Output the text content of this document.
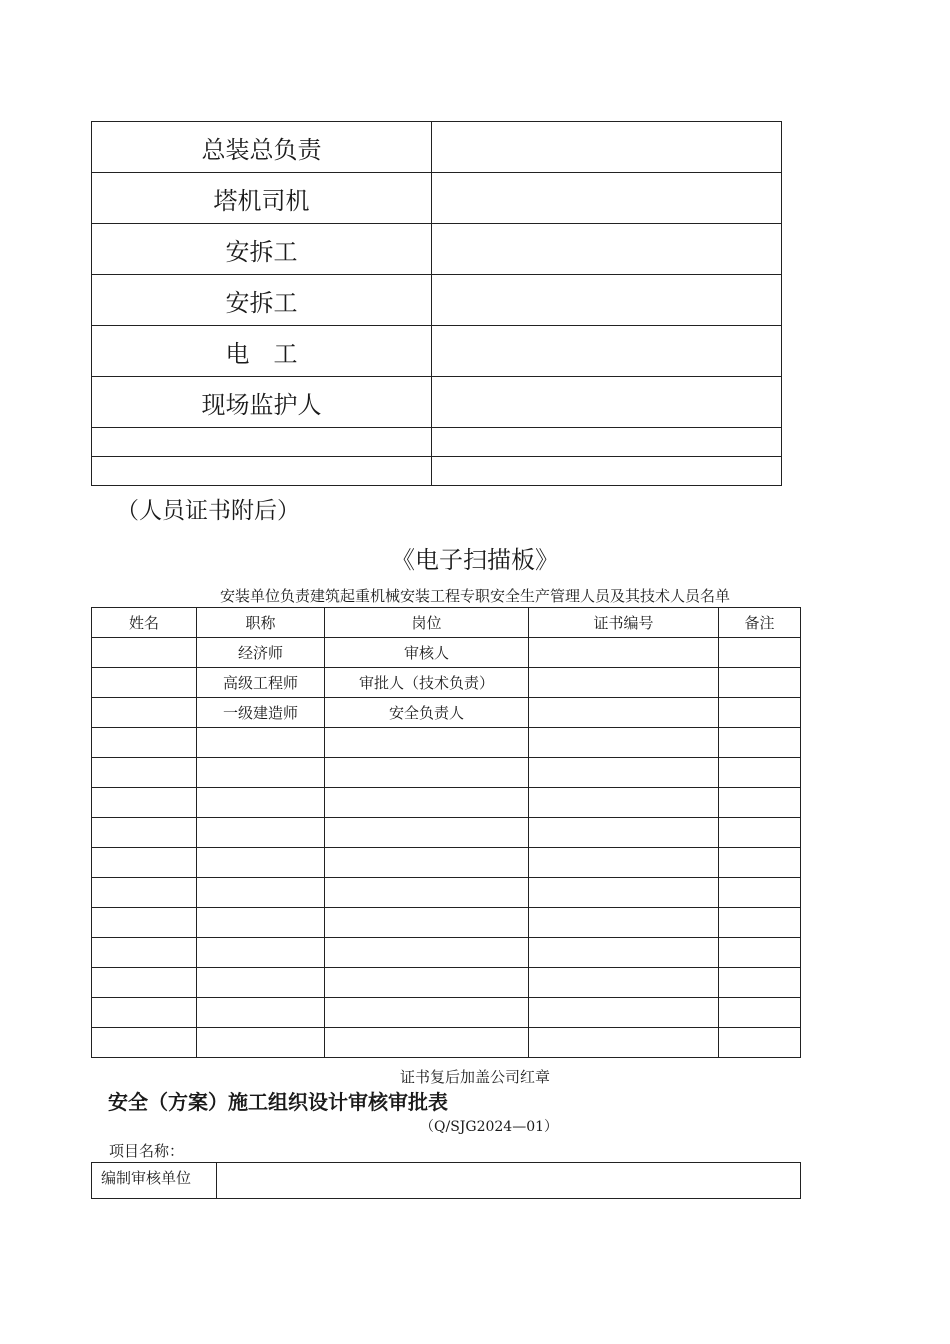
总装总负责	
塔机司机	
安拆工	
安拆工	
电　工	
现场监护人	

（人员证书附后）
《电子扫描板》
安装单位负责建筑起重机械安装工程专职安全生产管理人员及其技术人员名单
姓名	职称	岗位	证书编号	备注
	经济师	审核人		
	高级工程师	审批人（技术负责）		
	一级建造师	安全负责人		

证书复后加盖公司红章
安全（方案）施工组织设计审核审批表
（Q/SJG2024—01）
项目名称：
编制审核单位	
